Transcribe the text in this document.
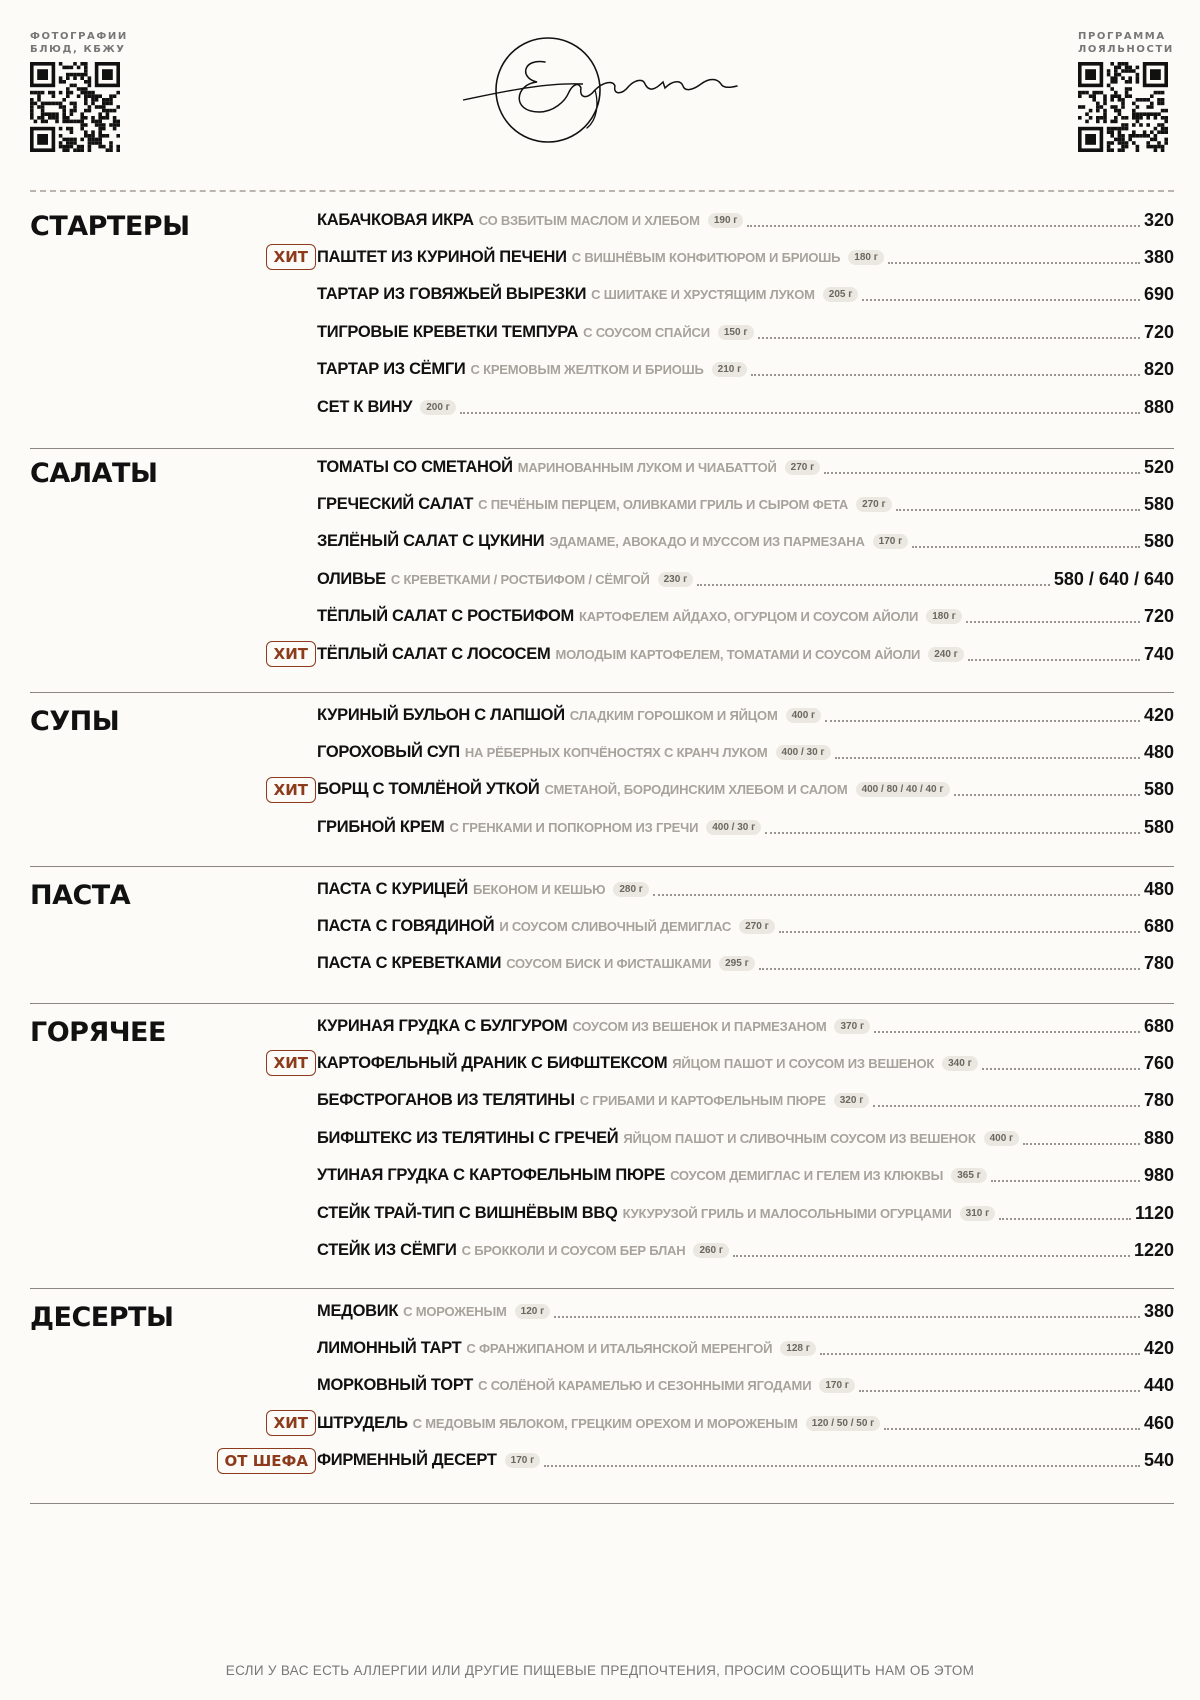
ФОТОГРАФИИ БЛЮД, КБЖУ
ПРОГРАММА ЛОЯЛЬНОСТИ
СТАРТЕРЫ	КАБАЧКОВАЯ ИКРА СО ВЗБИТЫМ МАСЛОМ И ХЛЕБОМ	190 г	320
ХИТ ПАШТЕТ ИЗ КУРИНОЙ ПЕЧЕНИ С ВИШНЁВЫМ КОНФИТЮРОМ И БРИОШЬ	180 г	380
ТАРТАР ИЗ ГОВЯЖЬЕЙ ВЫРЕЗКИ С ШИИТАКЕ И ХРУСТЯЩИМ ЛУКОМ	205 г	690
ТИГРОВЫЕ КРЕВЕТКИ ТЕМПУРА С СОУСОМ СПАЙСИ	150 г	720
ТАРТАР ИЗ СЁМГИ С КРЕМОВЫМ ЖЕЛТКОМ И БРИОШЬ	210 г	820
СЕТ К ВИНУ	200 г	880
САЛАТЫ	ТОМАТЫ СО СМЕТАНОЙ МАРИНОВАННЫМ ЛУКОМ И ЧИАБАТТОЙ	270 г	520
ГРЕЧЕСКИЙ САЛАТ С ПЕЧЁНЫМ ПЕРЦЕМ, ОЛИВКАМИ ГРИЛЬ И СЫРОМ ФЕТА	270 г	580
ЗЕЛЁНЫЙ САЛАТ С ЦУКИНИ ЭДАМАМЕ, АВОКАДО И МУССОМ ИЗ ПАРМЕЗАНА	170 г	580
ОЛИВЬЕ С КРЕВЕТКАМИ / РОСТБИФОМ / СЁМГОЙ	230 г	580 / 640 / 640
ТЁПЛЫЙ САЛАТ С РОСТБИФОМ КАРТОФЕЛЕМ АЙДАХО, ОГУРЦОМ И СОУСОМ АЙОЛИ	180 г	720
ХИТ ТЁПЛЫЙ САЛАТ С ЛОСОСЕМ МОЛОДЫМ КАРТОФЕЛЕМ, ТОМАТАМИ И СОУСОМ АЙОЛИ	240 г	740
СУПЫ	КУРИНЫЙ БУЛЬОН С ЛАПШОЙ СЛАДКИМ ГОРОШКОМ И ЯЙЦОМ	400 г	420
ГОРОХОВЫЙ СУП НА РЁБЕРНЫХ КОПЧЁНОСТЯХ С КРАНЧ ЛУКОМ	400 / 30 г	480
ХИТ БОРЩ С ТОМЛЁНОЙ УТКОЙ СМЕТАНОЙ, БОРОДИНСКИМ ХЛЕБОМ И САЛОМ	400 / 80 / 40 / 40 г	580
ГРИБНОЙ КРЕМ С ГРЕНКАМИ И ПОПКОРНОМ ИЗ ГРЕЧИ	400 / 30 г	580
ПАСТА	ПАСТА С КУРИЦЕЙ БЕКОНОМ И КЕШЬЮ	280 г	480
ПАСТА С ГОВЯДИНОЙ И СОУСОМ СЛИВОЧНЫЙ ДЕМИГЛАС	270 г	680
ПАСТА С КРЕВЕТКАМИ СОУСОМ БИСК И ФИСТАШКАМИ	295 г	780
ГОРЯЧЕЕ	КУРИНАЯ ГРУДКА С БУЛГУРОМ СОУСОМ ИЗ ВЕШЕНОК И ПАРМЕЗАНОМ	370 г	680
ХИТ КАРТОФЕЛЬНЫЙ ДРАНИК С БИФШТЕКСОМ ЯЙЦОМ ПАШОТ И СОУСОМ ИЗ ВЕШЕНОК	340 г	760
БЕФСТРОГАНОВ ИЗ ТЕЛЯТИНЫ С ГРИБАМИ И КАРТОФЕЛЬНЫМ ПЮРЕ	320 г	780
БИФШТЕКС ИЗ ТЕЛЯТИНЫ С ГРЕЧЕЙ ЯЙЦОМ ПАШОТ И СЛИВОЧНЫМ СОУСОМ ИЗ ВЕШЕНОК	400 г	880
УТИНАЯ ГРУДКА С КАРТОФЕЛЬНЫМ ПЮРЕ СОУСОМ ДЕМИГЛАС И ГЕЛЕМ ИЗ КЛЮКВЫ	365 г	980
СТЕЙК ТРАЙ-ТИП С ВИШНЁВЫМ BBQ КУКУРУЗОЙ ГРИЛЬ И МАЛОСОЛЬНЫМИ ОГУРЦАМИ	310 г	1120
СТЕЙК ИЗ СЁМГИ С БРОККОЛИ И СОУСОМ БЕР БЛАН	260 г	1220
ДЕСЕРТЫ	МЕДОВИК С МОРОЖЕНЫМ	120 г	380
ЛИМОННЫЙ ТАРТ С ФРАНЖИПАНОМ И ИТАЛЬЯНСКОЙ МЕРЕНГОЙ	128 г	420
МОРКОВНЫЙ ТОРТ С СОЛЁНОЙ КАРАМЕЛЬЮ И СЕЗОННЫМИ ЯГОДАМИ	170 г	440
ХИТ ШТРУДЕЛЬ С МЕДОВЫМ ЯБЛОКОМ, ГРЕЦКИМ ОРЕХОМ И МОРОЖЕНЫМ	120 / 50 / 50 г	460
ОТ ШЕФА ФИРМЕННЫЙ ДЕСЕРТ	170 г	540
ЕСЛИ У ВАС ЕСТЬ АЛЛЕРГИИ ИЛИ ДРУГИЕ ПИЩЕВЫЕ ПРЕДПОЧТЕНИЯ, ПРОСИМ СООБЩИТЬ НАМ ОБ ЭТОМ
